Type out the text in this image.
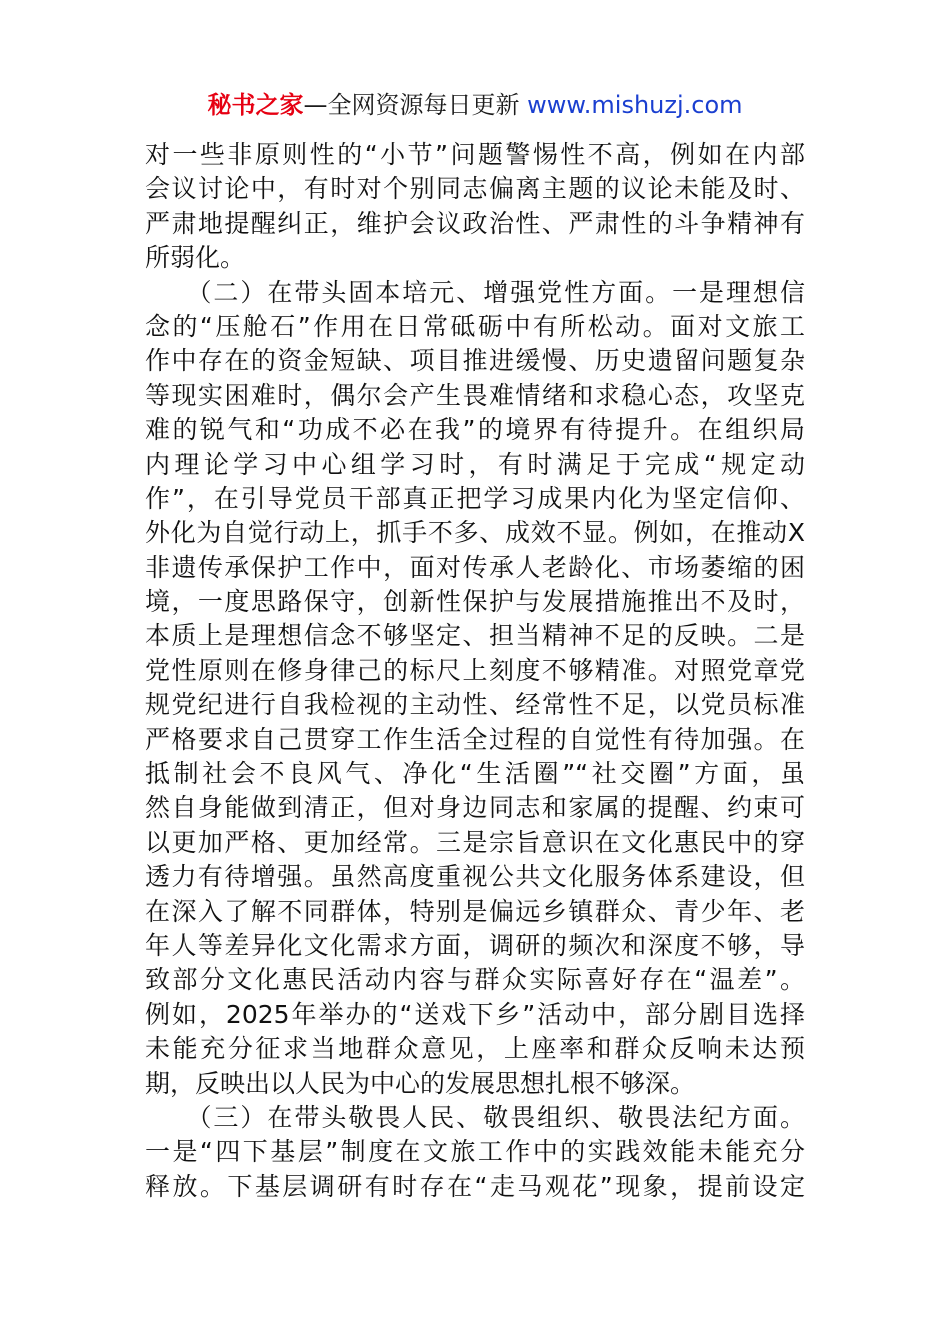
秘书之家—全网资源每日更新 www.mishuzj.com
对一些非原则性的“小节”问题警惕性不高，例如在内部
会议讨论中，有时对个别同志偏离主题的议论未能及时、
严肃地提醒纠正，维护会议政治性、严肃性的斗争精神有
所弱化。
　　（二）在带头固本培元、增强党性方面。一是理想信
念的“压舱石”作用在日常砥砺中有所松动。面对文旅工
作中存在的资金短缺、项目推进缓慢、历史遗留问题复杂
等现实困难时，偶尔会产生畏难情绪和求稳心态，攻坚克
难的锐气和“功成不必在我”的境界有待提升。在组织局
内理论学习中心组学习时，有时满足于完成“规定动
作”，在引导党员干部真正把学习成果内化为坚定信仰、
外化为自觉行动上，抓手不多、成效不显。例如，在推动X
非遗传承保护工作中，面对传承人老龄化、市场萎缩的困
境，一度思路保守，创新性保护与发展措施推出不及时，
本质上是理想信念不够坚定、担当精神不足的反映。二是
党性原则在修身律己的标尺上刻度不够精准。对照党章党
规党纪进行自我检视的主动性、经常性不足，以党员标准
严格要求自己贯穿工作生活全过程的自觉性有待加强。在
抵制社会不良风气、净化“生活圈”“社交圈”方面，虽
然自身能做到清正，但对身边同志和家属的提醒、约束可
以更加严格、更加经常。三是宗旨意识在文化惠民中的穿
透力有待增强。虽然高度重视公共文化服务体系建设，但
在深入了解不同群体，特别是偏远乡镇群众、青少年、老
年人等差异化文化需求方面，调研的频次和深度不够，导
致部分文化惠民活动内容与群众实际喜好存在“温差”。
例如，2025年举办的“送戏下乡”活动中，部分剧目选择
未能充分征求当地群众意见，上座率和群众反响未达预
期，反映出以人民为中心的发展思想扎根不够深。
　　（三）在带头敬畏人民、敬畏组织、敬畏法纪方面。
一是“四下基层”制度在文旅工作中的实践效能未能充分
释放。下基层调研有时存在“走马观花”现象，提前设定
